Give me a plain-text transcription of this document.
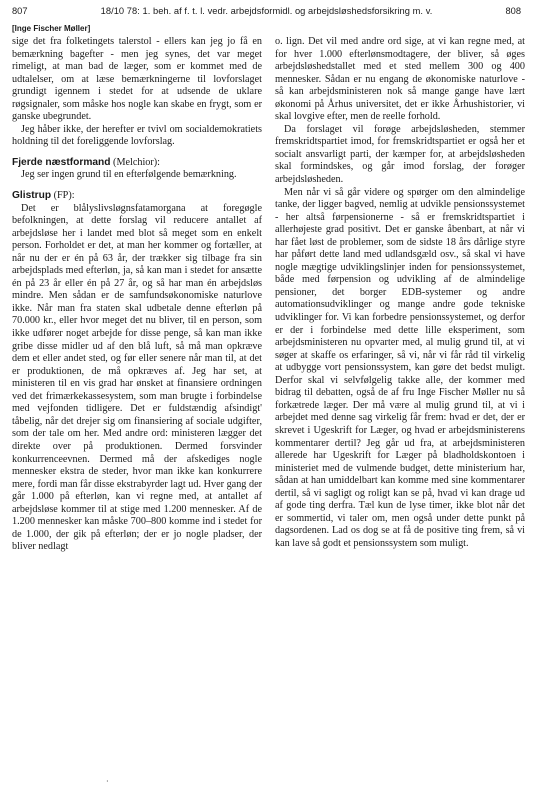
807	18/10 78: 1. beh. af f. t. l. vedr. arbejdsformidl. og arbejdsløshedsforsikring m. v.	808
[Inge Fischer Møller]

sige det fra folketingets talerstol - ellers kan jeg jo få en bemærkning bagefter - men jeg synes, det var meget rimeligt, at man bad de læger, som er kommet med de udtalelser, om at læse bemærkningerne til lovforslaget grundigt igennem i stedet for at udsende de uklare røgsignaler, som måske hos nogle kan skabe en frygt, som er ganske ubegrundet.

Jeg håber ikke, der herefter er tvivl om socialdemokratiets holdning til det foreliggende lovforslag.

Fjerde næstformand (Melchior):

Jeg ser ingen grund til en efterfølgende bemærkning.

Glistrup (FP):

Det er blålyslivsløgnsfatamorgana at foregøgle befolkningen, at dette forslag vil reducere antallet af arbejdsløse her i landet med blot så meget som en enkelt person. Forholdet er det, at man her kommer og fortæller, at når nu der er én på 63 år, der trækker sig tilbage fra sin arbejdsplads med efterløn, ja, så kan man i stedet for ansætte én på 23 år eller én på 27 år, og så har man én arbejdsløs mindre. Men sådan er de samfundsøkonomiske naturlove ikke. Når man fra staten skal udbetale denne efterløn på 70.000 kr., eller hvor meget det nu bliver, til en person, som ikke udfører noget arbejde for disse penge, så kan man ikke gribe disse midler ud af den blå luft, så må man opkræve dem et eller andet sted, og før eller senere når man til, at det er produktionen, de må opkræves af. Jeg har set, at ministeren til en vis grad har ønsket at finansiere ordningen ved det frimærkekassesystem, som man brugte i forbindelse med vejfonden tidligere. Det er fuldstændig afsindigt' tåbelig, når det drejer sig om finansiering af sociale udgifter, som der tale om her. Med andre ord: ministeren lægger det direkte over på produktionen. Dermed forsvinder konkurrenceevnen. Dermed må der afskediges nogle mennesker ekstra de steder, hvor man ikke kan konkurrere mere, fordi man får disse ekstrabyrder lagt ud. Hver gang der går 1.000 på efterløn, kan vi regne med, at antallet af arbejdsløse kommer til at stige med 1.200 mennesker. Af de 1.200 mennesker kan måske 700–800 komme ind i stedet for de 1.000, der gik på efterløn; der er jo nogle pladser, der bliver nedlagt

o. lign. Det vil med andre ord sige, at vi kan regne med, at for hver 1.000 efterlønsmodtagere, der bliver, så øges arbejdsløshedstallet med et sted mellem 300 og 400 mennesker. Sådan er nu engang de økonomiske naturlove - så kan arbejdsministeren nok så mange gange have lært økonomi på Århus universitet, det er ikke Århushistorier, vi skal lovgive efter, men de reelle forhold.

Da forslaget vil forøge arbejdsløsheden, stemmer fremskridtspartiet imod, for fremskridtspartiet er også her et socialt ansvarligt parti, der kæmper for, at arbejdsløsheden skal formindskes, og går imod forslag, der forøger arbejdsløsheden.

Men når vi så går videre og spørger om den almindelige tanke, der ligger bagved, nemlig at udvikle pensionssystemet - her altså førpensionerne - så er fremskridtspartiet i allerhøjeste grad positivt. Det er ganske åbenbart, at når vi har fået løst de problemer, som de sidste 18 års dårlige styre har påført dette land med udlandsgæld osv., så skal vi have nogle mægtige udviklingslinjer inden for pensionssystemet, både med førpension og udvikling af de almindelige pensioner, det borger EDB-systemer og andre automationsudviklinger og mange andre gode tekniske udviklinger for. Vi kan forbedre pensionssystemet, og derfor er der i forbindelse med dette lille eksperiment, som arbejdsministeren nu opvarter med, al mulig grund til, at vi søger at skaffe os erfaringer, så vi, når vi får råd til virkelig at udbygge vort pensionssystem, kan gøre det bedst muligt. Derfor skal vi selvfølgelig takke alle, der kommer med bidrag til debatten, også de af fru Inge Fischer Møller nu så forkætrede læger. Der må være al mulig grund til, at vi i arbejdet med denne sag virkelig får frem: hvad er det, der er skrevet i Ugeskrift for Læger, og hvad er arbejdsministerens kommentarer dertil? Jeg går ud fra, at arbejdsministeren allerede har Ugeskrift for Læger på bladholdskontoen i ministeriet med de vulmende budget, dette ministerium har, sådan at han umiddelbart kan komme med sine kommentarer dertil, så vi sagligt og roligt kan se på, hvad vi kan drage ud af gode ting derfra. Tæl kun de lyse timer, ikke blot når det er sommertid, vi taler om, men også under dette punkt på dagsordenen. Lad os dog se at få de positive ting frem, så vi kan lave så godt et pensionssystem som muligt.

·
